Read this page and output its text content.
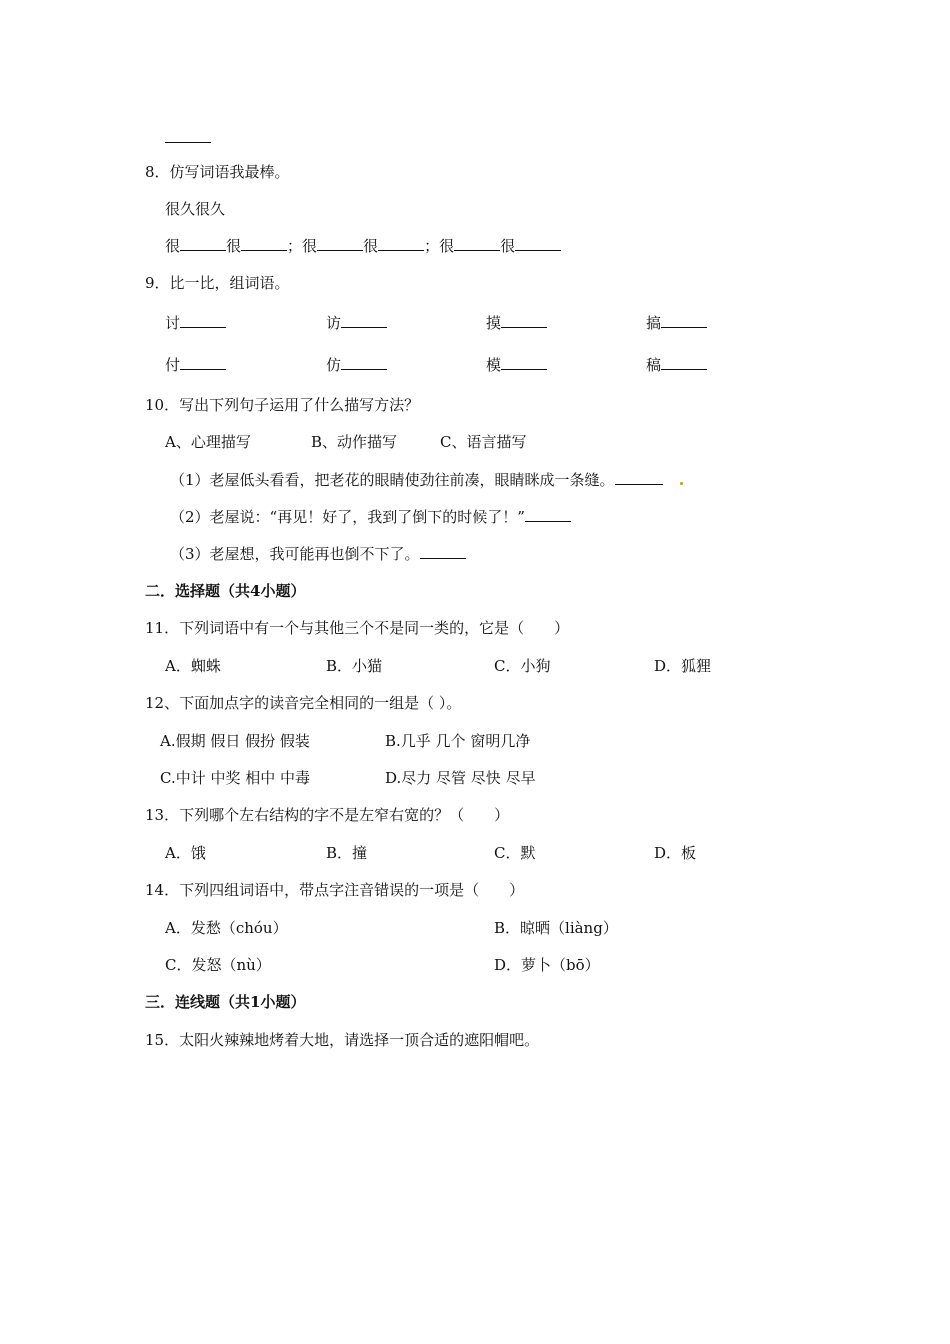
8．仿写词语我最棒。
很久很久
很	很	；很	很	；很	很
9．比一比，组词语。
讨	访	摸	搞
付	仿	模	稿
10．写出下列句子运用了什么描写方法？
A、心理描写	B、动作描写	C、语言描写
（1）老屋低头看看，把老花的眼睛使劲往前凑，眼睛眯成一条缝。
（2）老屋说：“再见！好了，我到了倒下的时候了！”
（3）老屋想，我可能再也倒不下了。
二．选择题（共4小题）
11．下列词语中有一个与其他三个不是同一类的，它是（　　）
A．蜘蛛	B．小猫	C．小狗	D．狐狸
12、下面加点字的读音完全相同的一组是（ ）。
A.假期 假日 假扮 假装	B.几乎 几个 窗明几净
C.中计 中奖 相中 中毒	D.尽力 尽管 尽快 尽早
13．下列哪个左右结构的字不是左窄右宽的？（　　）
A．饿	B．撞	C．默	D．板
14．下列四组词语中，带点字注音错误的一项是（　　）
A．发愁（chóu）	B．晾晒（liàng）
C．发怒（nù）	D．萝卜（bō）
三．连线题（共1小题）
15．太阳火辣辣地烤着大地，请选择一顶合适的遮阳帽吧。
